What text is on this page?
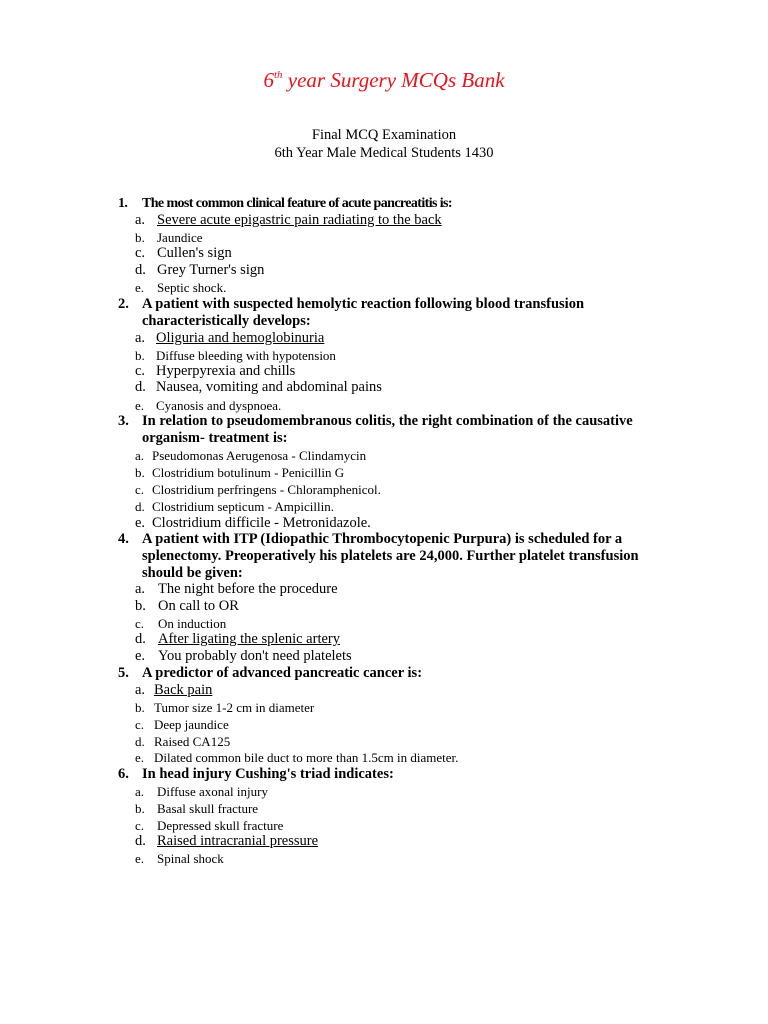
6th year Surgery MCQs Bank
Final MCQ Examination
6th Year Male Medical Students 1430
1.	The most common clinical feature of acute pancreatitis is:
a. Severe acute epigastric pain radiating to the back
b. Jaundice
c. Cullen's sign
d. Grey Turner's sign
e. Septic shock.
2. A patient with suspected hemolytic reaction following blood transfusion characteristically develops:
a. Oliguria and hemoglobinuria
b. Diffuse bleeding with hypotension
c. Hyperpyrexia and chills
d. Nausea, vomiting and abdominal pains
e. Cyanosis and dyspnoea.
3. In relation to pseudomembranous colitis, the right combination of the causative organism- treatment is:
a. Pseudomonas Aerugenosa - Clindamycin
b. Clostridium botulinum - Penicillin G
c. Clostridium perfringens - Chloramphenicol.
d. Clostridium septicum - Ampicillin.
e. Clostridium difficile - Metronidazole.
4. A patient with ITP (Idiopathic Thrombocytopenic Purpura) is scheduled for a splenectomy. Preoperatively his platelets are 24,000. Further platelet transfusion should be given:
a. The night before the procedure
b. On call to OR
c. On induction
d. After ligating the splenic artery
e. You probably don't need platelets
5. A predictor of advanced pancreatic cancer is:
a. Back pain
b. Tumor size 1-2 cm in diameter
c. Deep jaundice
d. Raised CA125
e. Dilated common bile duct to more than 1.5cm in diameter.
6. In head injury Cushing's triad indicates:
a. Diffuse axonal injury
b. Basal skull fracture
c. Depressed skull fracture
d. Raised intracranial pressure
e. Spinal shock
